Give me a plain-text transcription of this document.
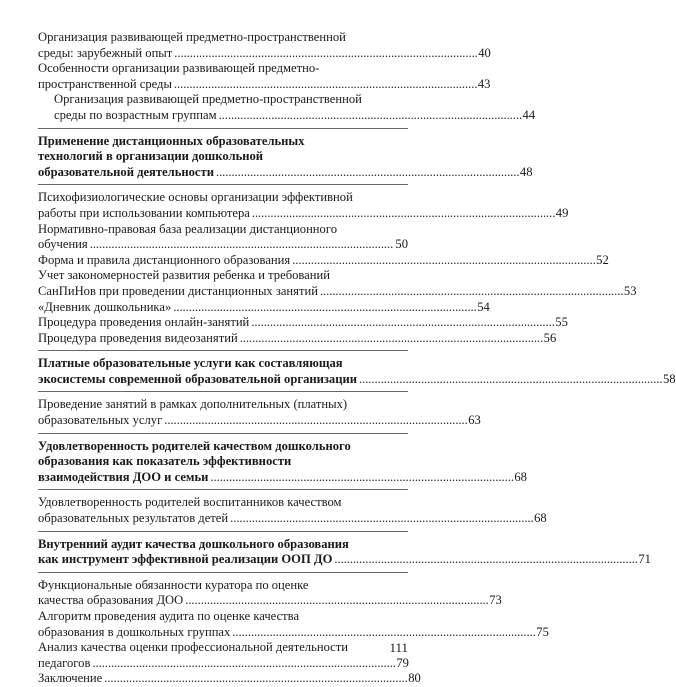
Организация развивающей предметно-пространственной
среды: зарубежный опыт . . .	40
Особенности организации развивающей предметно-
пространственной среды . . .	43
Организация развивающей предметно-пространственной
среды по возрастным группам . . .	44
Применение дистанционных образовательных
технологий в организации дошкольной
образовательной деятельности . . .	48
Психофизиологические основы организации эффективной
работы при использовании компьютера . . .	49
Нормативно-правовая база реализации дистанционного
обучения . . .	50
Форма и правила дистанционного образования . . .	52
Учет закономерностей развития ребенка и требований
СанПиНов при проведении дистанционных занятий . . .	53
«Дневник дошкольника» . . .	54
Процедура проведения онлайн-занятий . . .	55
Процедура проведения видеозанятий . . .	56
Платные образовательные услуги как составляющая
экосистемы современной образовательной организации . . .	58
Проведение занятий в рамках дополнительных (платных)
образовательных услуг . . .	63
Удовлетворенность родителей качеством дошкольного
образования как показатель эффективности
взаимодействия ДОО и семьи . . .	68
Удовлетворенность родителей воспитанников качеством
образовательных результатов детей . . .	68
Внутренний аудит качества дошкольного образования
как инструмент эффективной реализации ООП ДО . . .	71
Функциональные обязанности куратора по оценке
качества образования ДОО . . .	73
Алгоритм проведения аудита по оценке качества
образования в дошкольных группах . . .	75
Анализ качества оценки профессиональной деятельности
педагогов . . .	79
Заключение . . .	80
111
